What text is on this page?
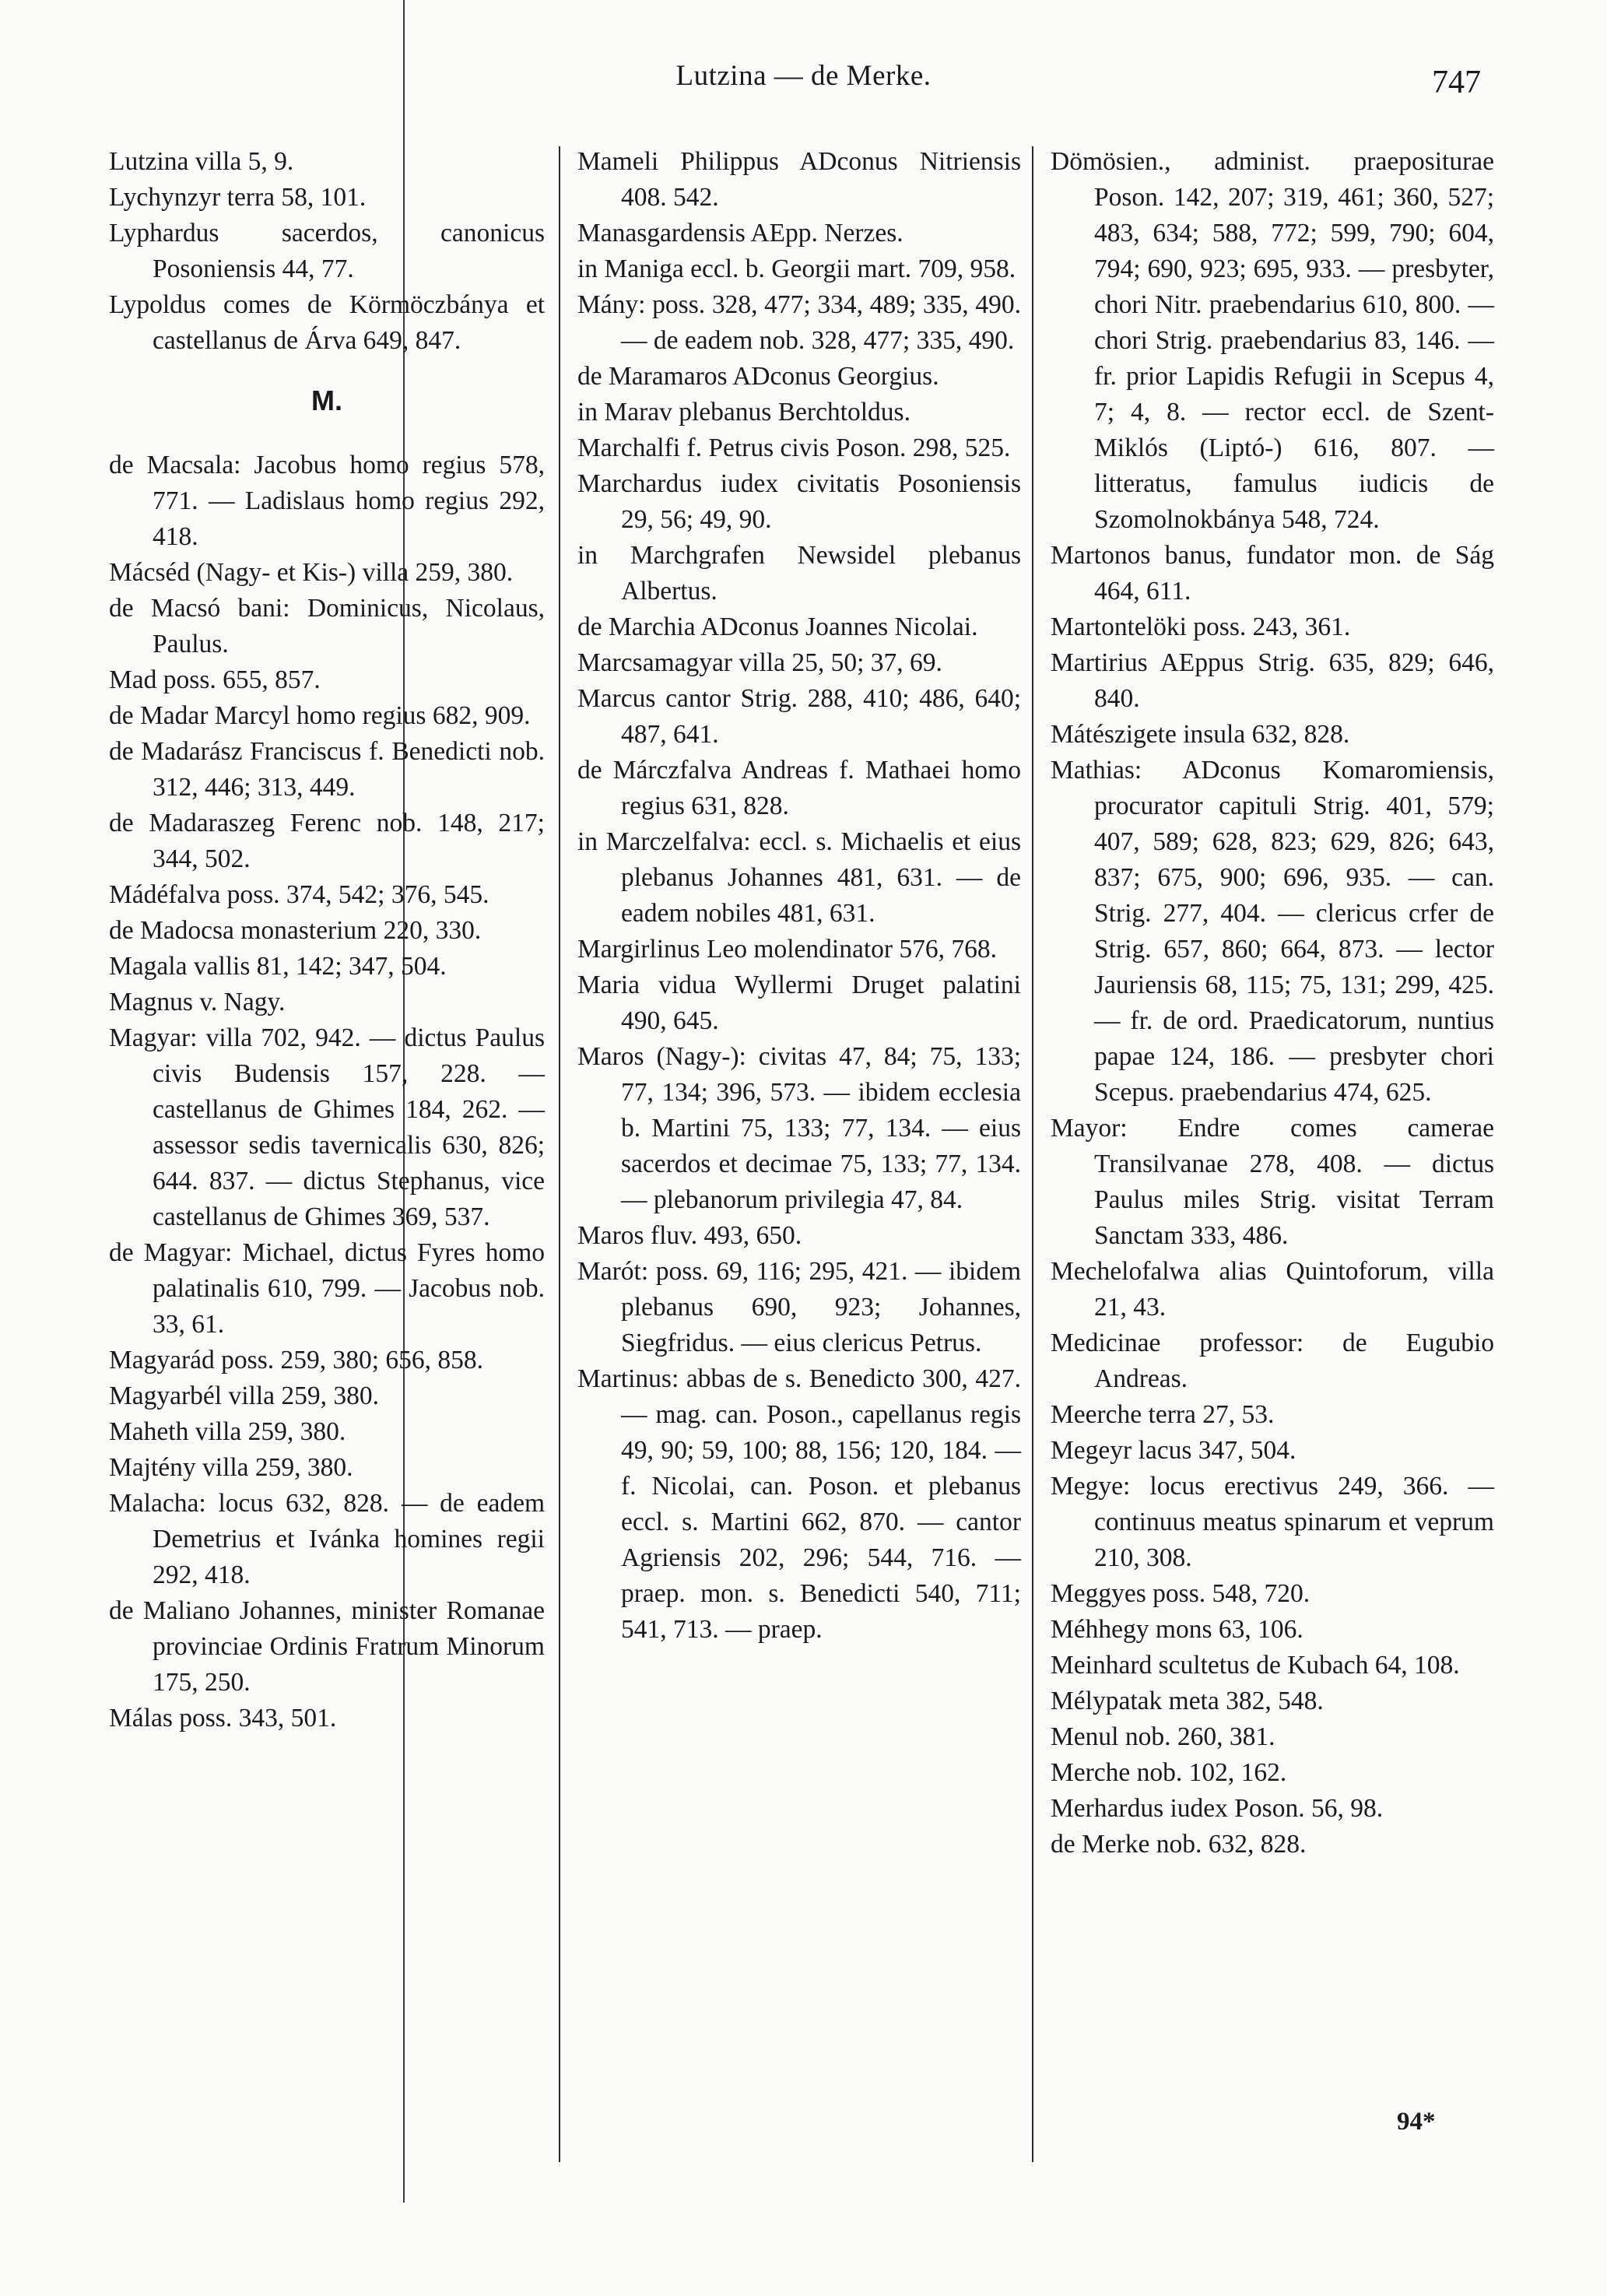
Lutzina — de Merke.	747

Lutzina villa 5, 9.

Lychynzyr terra 58, 101.

Lyphardus sacerdos, canonicus Posoniensis 44, 77.

Lypoldus comes de Körmöczbánya et castellanus de Árva 649, 847.

M.

de Macsala: Jacobus homo regius 578, 771. — Ladislaus homo regius 292, 418.

Mácséd (Nagy- et Kis-) villa 259, 380.

de Macsó bani: Dominicus, Nicolaus, Paulus.

Mad poss. 655, 857.

de Madar Marcyl homo regius 682, 909.

de Madarász Franciscus f. Benedicti nob. 312, 446; 313, 449.

de Madaraszeg Ferenc nob. 148, 217; 344, 502.

Mádéfalva poss. 374, 542; 376, 545.

de Madocsa monasterium 220, 330.

Magala vallis 81, 142; 347, 504.

Magnus v. Nagy.

Magyar: villa 702, 942. — dictus Paulus civis Budensis 157, 228. — castellanus de Ghimes 184, 262. — assessor sedis tavernicalis 630, 826; 644. 837. — dictus Stephanus, vice castellanus de Ghimes 369, 537.

de Magyar: Michael, dictus Fyres homo palatinalis 610, 799. — Jacobus nob. 33, 61.

Magyarád poss. 259, 380; 656, 858.

Magyarbél villa 259, 380.

Maheth villa 259, 380.

Majtény villa 259, 380.

Malacha: locus 632, 828. — de eadem Demetrius et Ivánka homines regii 292, 418.

de Maliano Johannes, minister Romanae provinciae Ordinis Fratrum Minorum 175, 250.

Málas poss. 343, 501.

Mameli Philippus ADconus Nitriensis 408. 542.

Manasgardensis AEpp. Nerzes.

in Maniga eccl. b. Georgii mart. 709, 958.

Mány: poss. 328, 477; 334, 489; 335, 490. — de eadem nob. 328, 477; 335, 490.

de Maramaros ADconus Georgius.

in Marav plebanus Berchtoldus.

Marchalfi f. Petrus civis Poson. 298, 525.

Marchardus iudex civitatis Posoniensis 29, 56; 49, 90.

in Marchgrafen Newsidel plebanus Albertus.

de Marchia ADconus Joannes Nicolai.

Marcsamagyar villa 25, 50; 37, 69.

Marcus cantor Strig. 288, 410; 486, 640; 487, 641.

de Márczfalva Andreas f. Mathaei homo regius 631, 828.

in Marczelfalva: eccl. s. Michaelis et eius plebanus Johannes 481, 631. — de eadem nobiles 481, 631.

Margirlinus Leo molendinator 576, 768.

Maria vidua Wyllermi Druget palatini 490, 645.

Maros (Nagy-): civitas 47, 84; 75, 133; 77, 134; 396, 573. — ibidem ecclesia b. Martini 75, 133; 77, 134. — eius sacerdos et decimae 75, 133; 77, 134. — plebanorum privilegia 47, 84.

Maros fluv. 493, 650.

Marót: poss. 69, 116; 295, 421. — ibidem plebanus 690, 923; Johannes, Siegfridus. — eius clericus Petrus.

Martinus: abbas de s. Benedicto 300, 427. — mag. can. Poson., capellanus regis 49, 90; 59, 100; 88, 156; 120, 184. — f. Nicolai, can. Poson. et plebanus eccl. s. Martini 662, 870. — cantor Agriensis 202, 296; 544, 716. — praep. mon. s. Benedicti 540, 711; 541, 713. — praep.

Dömösien., administ. praepositurae Poson. 142, 207; 319, 461; 360, 527; 483, 634; 588, 772; 599, 790; 604, 794; 690, 923; 695, 933. — presbyter, chori Nitr. praebendarius 610, 800. — chori Strig. praebendarius 83, 146. — fr. prior Lapidis Refugii in Scepus 4, 7; 4, 8. — rector eccl. de Szent-Miklós (Liptó-) 616, 807. — litteratus, famulus iudicis de Szomolnokbánya 548, 724.

Martonos banus, fundator mon. de Ság 464, 611.

Martontelöki poss. 243, 361.

Martirius AEppus Strig. 635, 829; 646, 840.

Mátészigete insula 632, 828.

Mathias: ADconus Komaromiensis, procurator capituli Strig. 401, 579; 407, 589; 628, 823; 629, 826; 643, 837; 675, 900; 696, 935. — can. Strig. 277, 404. — clericus crfer de Strig. 657, 860; 664, 873. — lector Jauriensis 68, 115; 75, 131; 299, 425. — fr. de ord. Praedicatorum, nuntius papae 124, 186. — presbyter chori Scepus. praebendarius 474, 625.

Mayor: Endre comes camerae Transilvanae 278, 408. — dictus Paulus miles Strig. visitat Terram Sanctam 333, 486.

Mechelofalwa alias Quintoforum, villa 21, 43.

Medicinae professor: de Eugubio Andreas.

Meerche terra 27, 53.

Megeyr lacus 347, 504.

Megye: locus erectivus 249, 366. — continuus meatus spinarum et veprum 210, 308.

Meggyes poss. 548, 720.

Méhhegy mons 63, 106.

Meinhard scultetus de Kubach 64, 108.

Mélypatak meta 382, 548.

Menul nob. 260, 381.

Merche nob. 102, 162.

Merhardus iudex Poson. 56, 98.

de Merke nob. 632, 828.

94*
